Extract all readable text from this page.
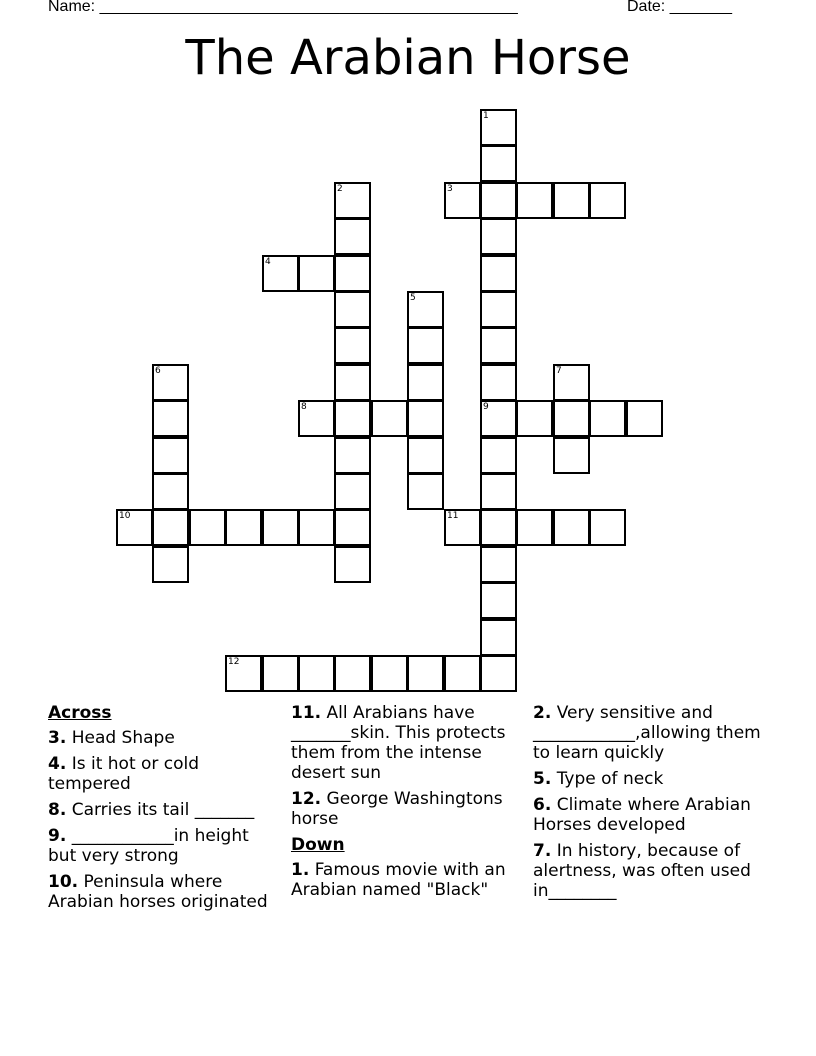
Name: _______________________________________________	Date: _______
The Arabian Horse
1
9
2	3
4
5
6	7
8
10	11
12
Across
3. Head Shape
4. Is it hot or cold tempered
8. Carries its tail _______
9. ____________in height but very strong
10. Peninsula where Arabian horses originated
11. All Arabians have _______skin. This protects them from the intense desert sun
12. George Washingtons horse
Down
1. Famous movie with an Arabian named "Black"
2. Very sensitive and ____________,allowing them to learn quickly
5. Type of neck
6. Climate where Arabian Horses developed
7. In history, because of alertness, was often used in________
